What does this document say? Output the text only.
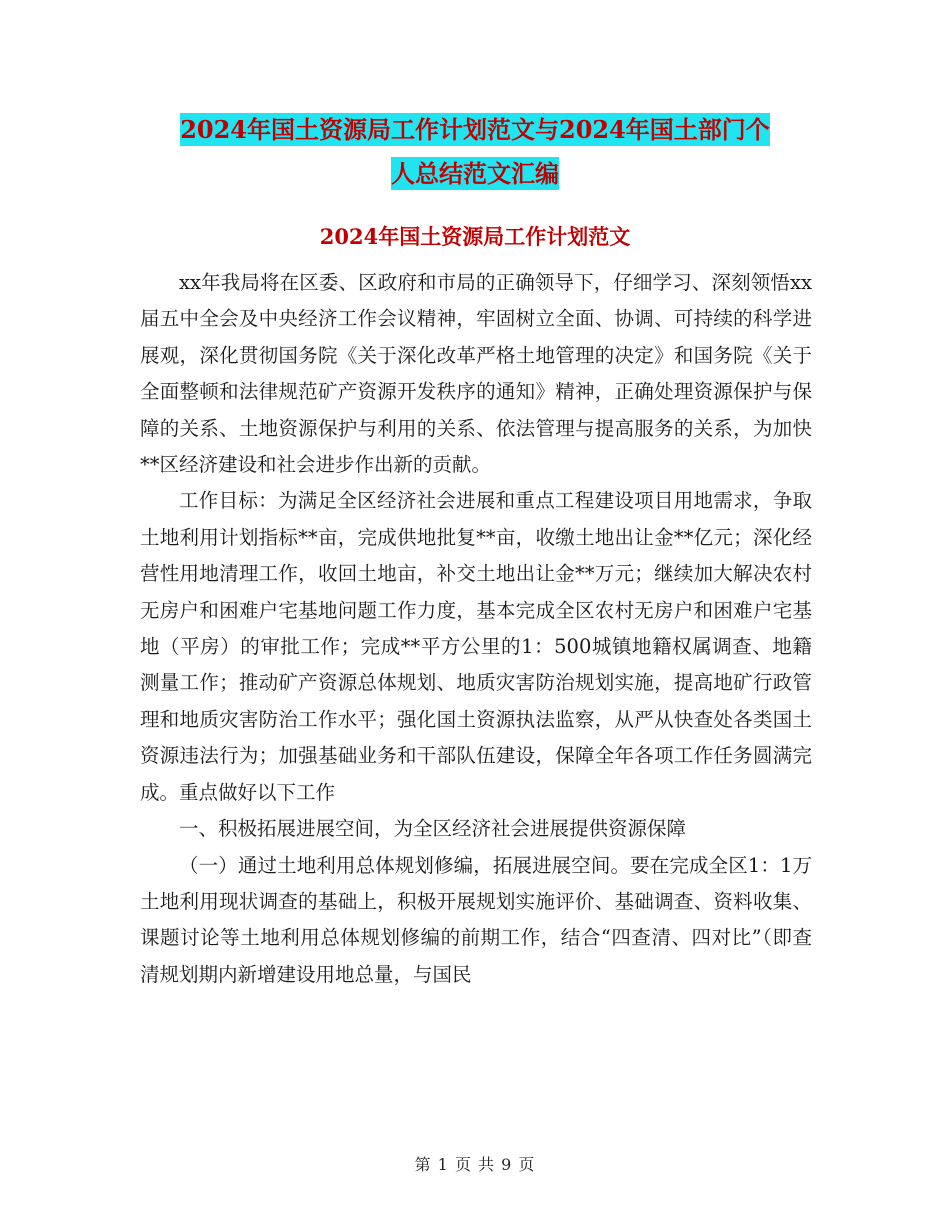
2024年国土资源局工作计划范文与2024年国土部门个
人总结范文汇编
2024年国土资源局工作计划范文

xx年我局将在区委、区政府和市局的正确领导下，仔细学习、深刻领悟xx届五中全会及中央经济工作会议精神，牢固树立全面、协调、可持续的科学进展观，深化贯彻国务院《关于深化改革严格土地管理的决定》和国务院《关于全面整顿和法律规范矿产资源开发秩序的通知》精神，正确处理资源保护与保障的关系、土地资源保护与利用的关系、依法管理与提高服务的关系，为加快**区经济建设和社会进步作出新的贡献。

工作目标：为满足全区经济社会进展和重点工程建设项目用地需求，争取土地利用计划指标**亩，完成供地批复**亩，收缴土地出让金**亿元；深化经营性用地清理工作，收回土地亩，补交土地出让金**万元；继续加大解决农村无房户和困难户宅基地问题工作力度，基本完成全区农村无房户和困难户宅基地（平房）的审批工作；完成**平方公里的1：500城镇地籍权属调查、地籍测量工作；推动矿产资源总体规划、地质灾害防治规划实施，提高地矿行政管理和地质灾害防治工作水平；强化国土资源执法监察，从严从快查处各类国土资源违法行为；加强基础业务和干部队伍建设，保障全年各项工作任务圆满完成。重点做好以下工作

一、积极拓展进展空间，为全区经济社会进展提供资源保障

（一）通过土地利用总体规划修编，拓展进展空间。要在完成全区1：1万土地利用现状调查的基础上，积极开展规划实施评价、基础调查、资料收集、课题讨论等土地利用总体规划修编的前期工作，结合“四查清、四对比”（即查清规划期内新增建设用地总量，与国民

第 1 页 共 9 页
